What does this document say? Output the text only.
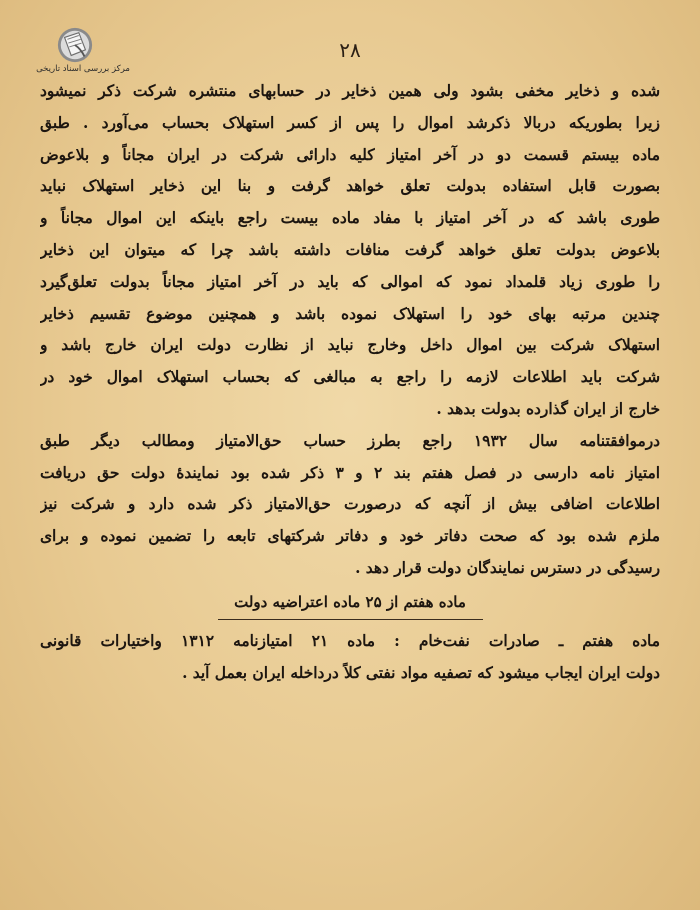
مرکز بررسی اسناد تاریخی
۲۸
شده و ذخایر مخفی بشود ولی همین ذخایر در حسابهای منتشره شرکت ذکر نمیشود
زیرا بطوریکه دربالا ذکرشد اموال را پس از کسر استهلاک بحساب می‌آورد . طبق
ماده بیستم قسمت دو در آخر امتیاز کلیه دارائی شرکت در ایران مجاناً و بلاعوض
بصورت قابل استفاده بدولت تعلق خواهد گرفت و بنا این ذخایر استهلاک نباید
طوری باشد که در آخر امتیاز با مفاد ماده بیست راجع باینکه این اموال مجاناً و
بلاعوض بدولت تعلق خواهد گرفت منافات داشته باشد چرا که میتوان این ذخایر
را طوری زیاد قلمداد نمود که اموالی که باید در آخر امتیاز مجاناً بدولت تعلق‌گیرد
چندین مرتبه بهای خود را استهلاک نموده باشد و همچنین موضوع تقسیم ذخایر
استهلاک شرکت بین اموال داخل وخارج نباید از نظارت دولت ایران خارج باشد و
شرکت باید اطلاعات لازمه را راجع به مبالغی که بحساب استهلاک اموال خود در
خارج از ایران گذارده بدولت بدهد .
درموافقتنامه سال ۱۹۳۲ راجع بطرز حساب حق‌الامتیاز ومطالب دیگر طبق
امتیاز نامه دارسی در فصل هفتم بند ۲ و ۳ ذکر شده بود نمایندهٔ دولت حق دریافت
اطلاعات اضافی بیش از آنچه که درصورت حق‌الامتیاز ذکر شده دارد و شرکت نیز
ملزم شده بود که صحت دفاتر خود و دفاتر شرکتهای تابعه را تضمین نموده و برای
رسیدگی در دسترس نمایندگان دولت قرار دهد .
ماده هفتم از ۲۵ ماده اعتراضیه دولت
ماده هفتم ـ صادرات نفت‌خام : ماده ۲۱ امتیازنامه ۱۳۱۲ واختیارات قانونی
دولت ایران ایجاب میشود که تصفیه مواد نفتی کلاً درداخله ایران بعمل آید .
